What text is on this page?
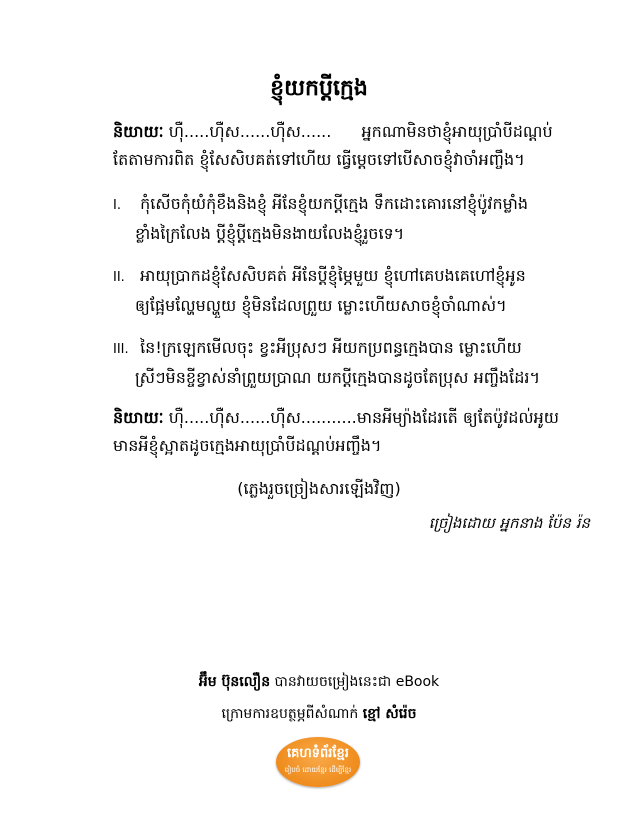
ខ្ញុំយកប្តីក្មេង
និយាយៈ ហ៊ឺ.....ហ៊ឺស......ហ៊ឺស...... អ្នកណាមិនថាខ្ញុំអាយុប្រាំបីដណ្ដប់
តែតាមការពិត ខ្ញុំសែសិបគត់ទៅហើយ ធ្វើម្ដេចទៅបើសាចខ្ញុំវាចាំអញ្ចឹង។
I. កុំសើចកុំយំកុំខឹងនិងខ្ញុំ អីនែខ្ញុំយកប្តីក្មេង ទឹកដោះគោរនៅខ្ញុំប៉ូវកម្លាំង
ខ្លាំងក្រៃលែង ប្តីខ្ញុំប្តីក្មេងមិនងាយលែងខ្ញុំរួចទេ។
II. អាយុប្រាកដខ្ញុំសែសិបគត់ អីនែប្តីខ្ញុំម្ភៃមួយ ខ្ញុំហៅគេបងគេហៅខ្ញុំអូន
ឲ្យផ្អែមល្ហែមល្ហួយ ខ្ញុំមិនដែលព្រួយ ម្លោះហើយសាចខ្ញុំចាំណាស់។
III. នៃ!ក្រឡេកមើលចុះ ខ្វះអីប្រុសៗ អីយកប្រពន្ធក្មេងបាន ម្លោះហើយ
ស្រីៗមិនខ្ចីខ្វាស់នាំព្រួយប្រាណ យកប្តីក្មេងបានដូចតែប្រុស អញ្ចឹងដែរ។
និយាយៈ ហ៊ឺ.....ហ៊ឺស......ហ៊ឺស...........មានអីម្យ៉ាងដែរតើ ឲ្យតែប៉ូវដល់អូយ
មានអីខ្ញុំស្អាតដូចក្មេងអាយុប្រាំបីដណ្ដប់អញ្ចឹង។
(ភ្លេងរួចច្រៀងសារឡើងវិញ)
ច្រៀងដោយ អ្នកនាង ប៉ែន រ៉ន
អ៊ឹម ប៊ុនលឿន បានវាយចម្រៀងនេះជា eBook
ក្រោមការឧបត្ថម្ភពីសំណាក់ ខ្មៅ សំរ៉េច
គេហទំព័រខ្មែរ
រៀបចំ ដោយខ្មែរ ដើម្បីខ្មែរ
